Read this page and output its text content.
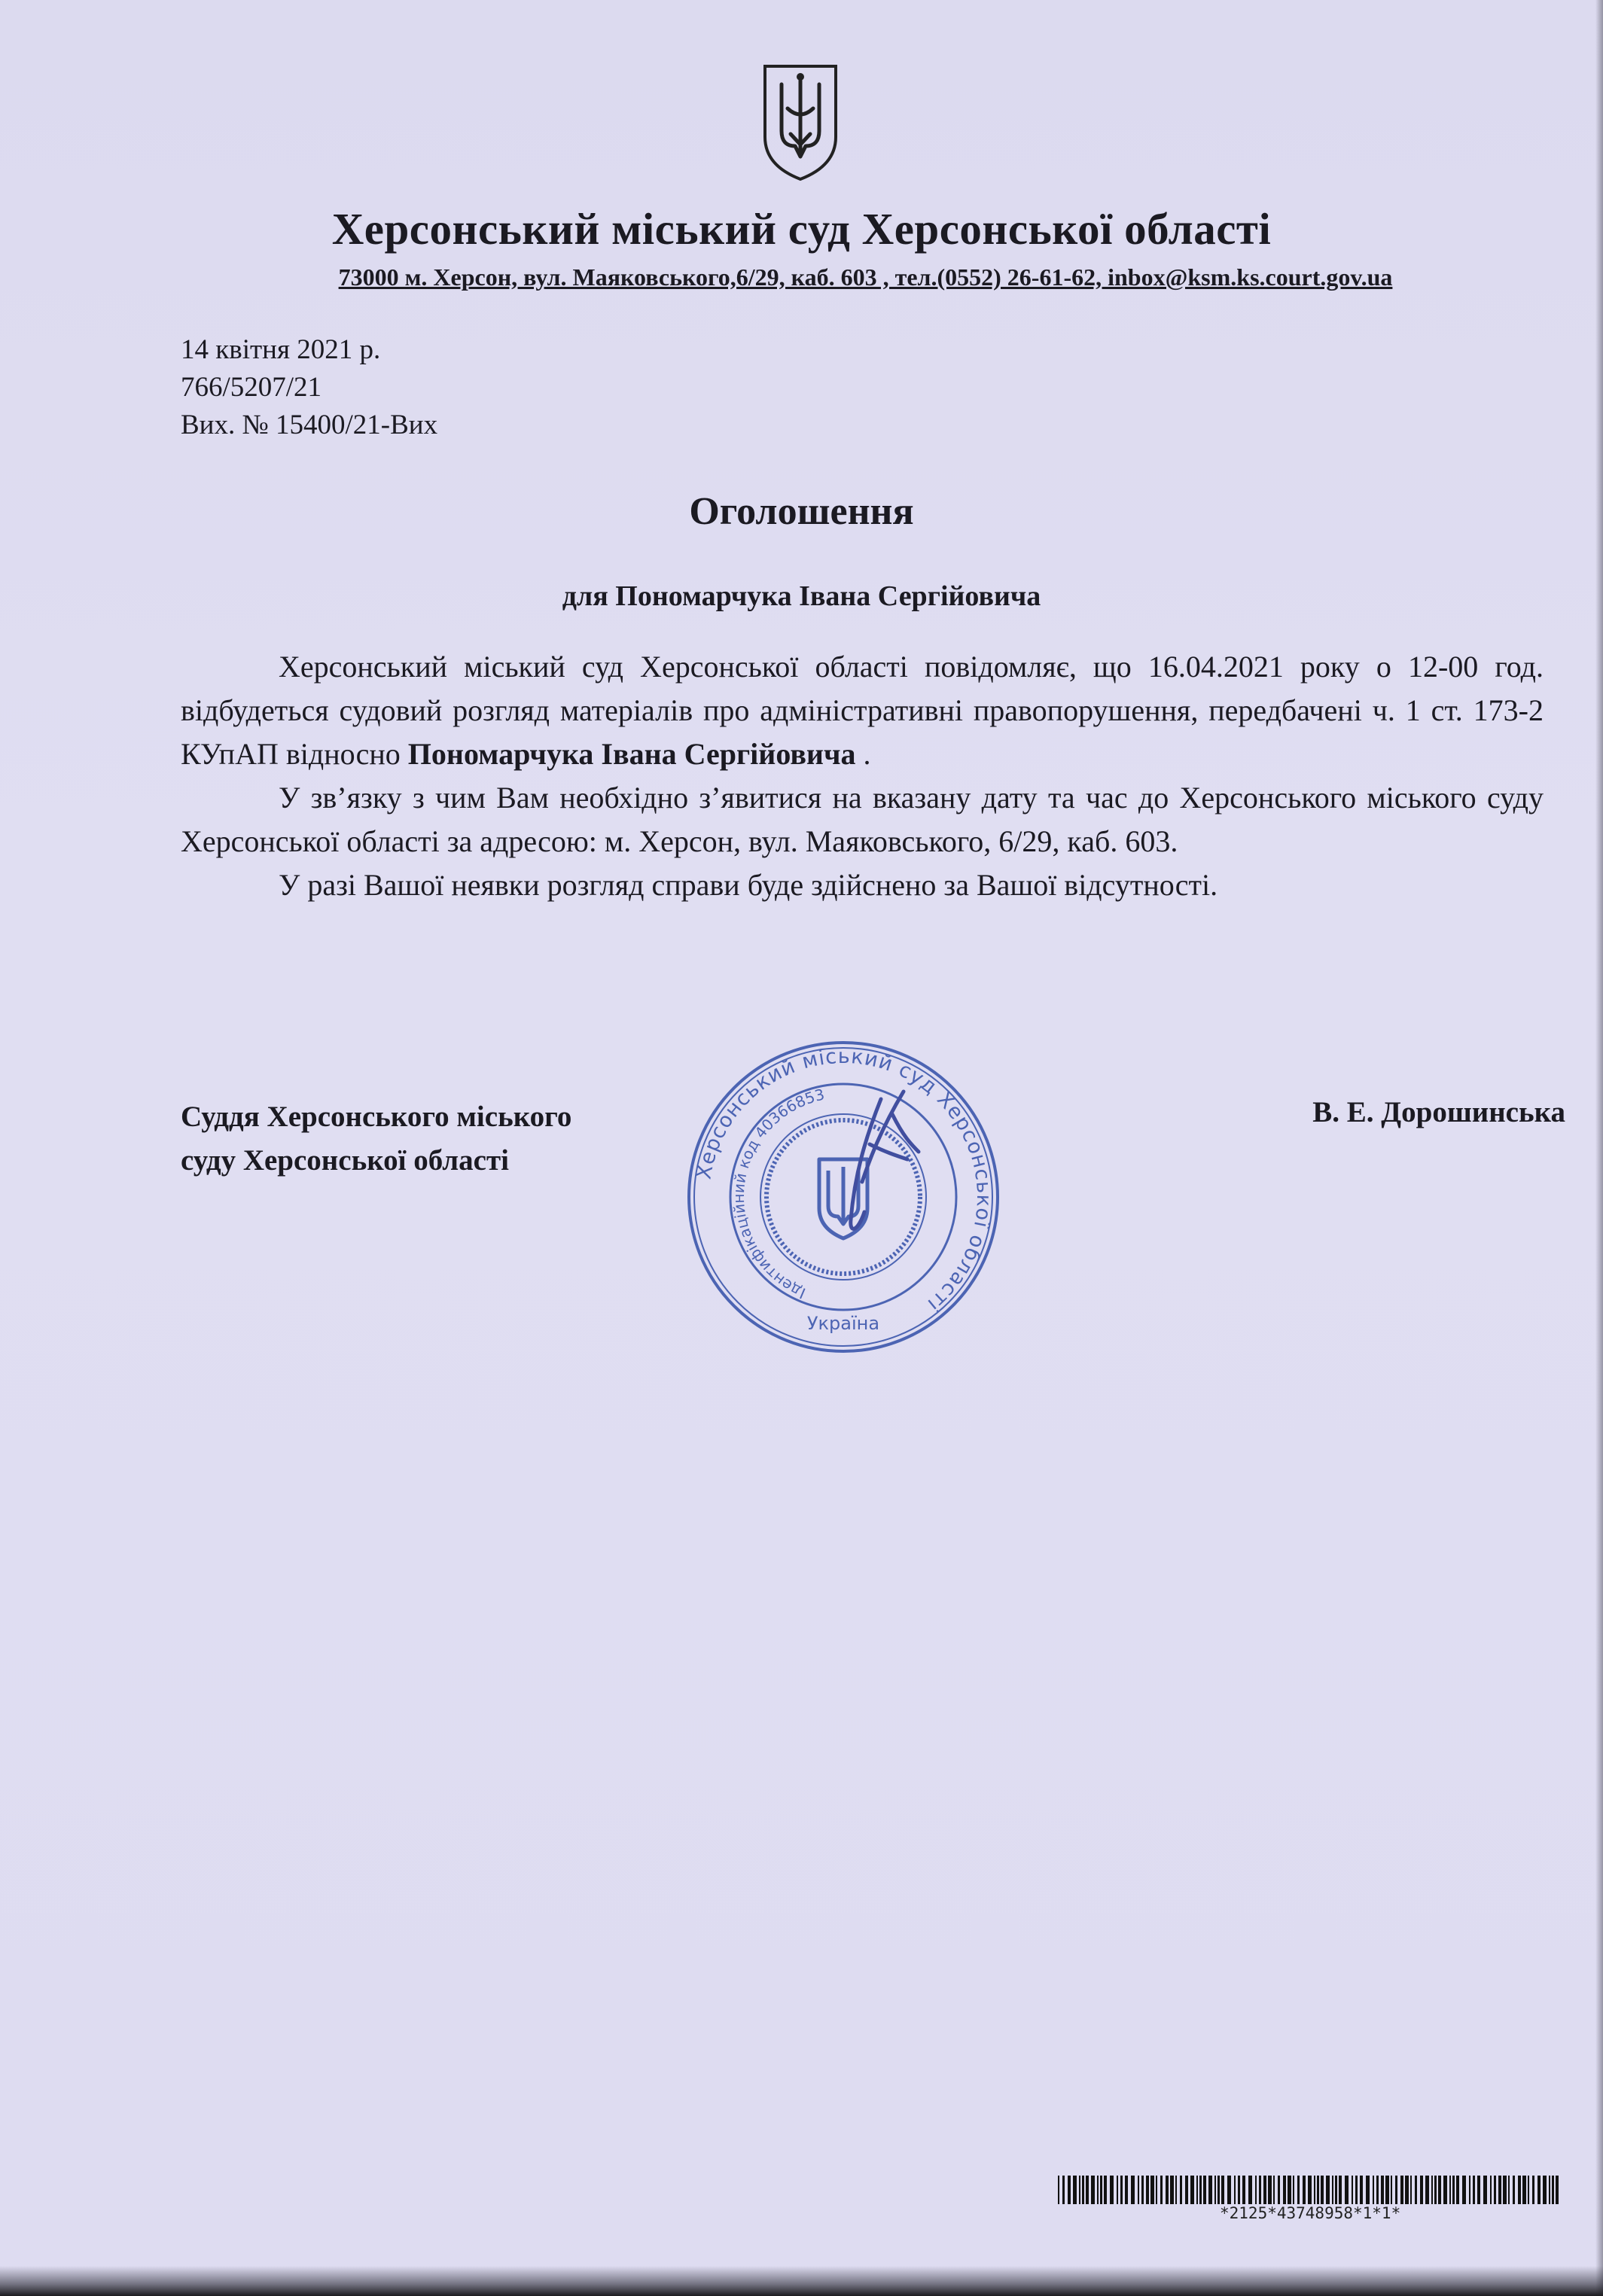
Херсонський міський суд Херсонської області
73000 м. Херсон, вул. Маяковського,6/29, каб. 603 , тел.(0552) 26-61-62, inbox@ksm.ks.court.gov.ua
14 квітня 2021 р.
766/5207/21
Вих. № 15400/21-Вих
Оголошення
для Пономарчука Івана Сергійовича

Херсонський міський суд Херсонської області повідомляє, що 16.04.2021 року о 12-00 год. відбудеться судовий розгляд матеріалів про адміністративні правопорушення, передбачені ч. 1 ст. 173-2 КУпАП відносно Пономарчука Івана Сергійовича .

У зв’язку з чим Вам необхідно з’явитися на вказану дату та час до Херсонського міського суду Херсонської області за адресою: м. Херсон, вул. Маяковського, 6/29, каб. 603.

У разі Вашої неявки розгляд справи буде здійснено за Вашої відсутності.

Суддя Херсонського міського
суду Херсонської області
В. Е. Дорошинська
Херсонський міський суд Херсонської області
Ідентифікаційний код 40366853
Україна
*2125*43748958*1*1*
